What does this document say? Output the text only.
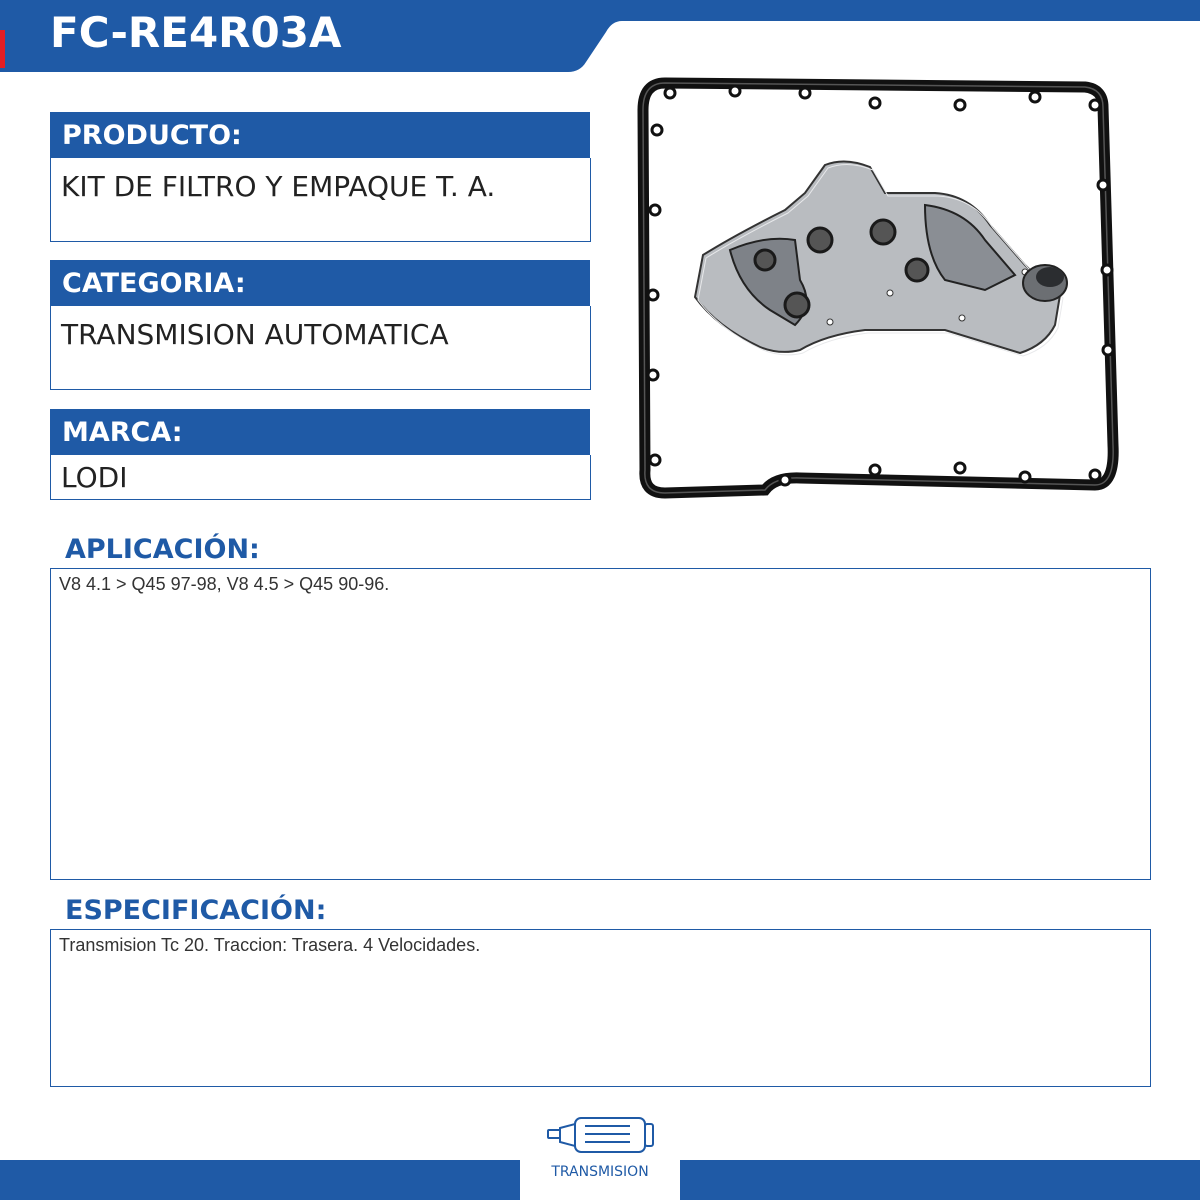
FC-RE4R03A
PRODUCTO:
KIT DE FILTRO Y EMPAQUE T. A.
CATEGORIA:
TRANSMISION AUTOMATICA
MARCA:
LODI
APLICACIÓN:
V8 4.1 > Q45 97-98, V8 4.5 > Q45 90-96.
ESPECIFICACIÓN:
Transmision Tc 20. Traccion: Trasera. 4 Velocidades.
TRANSMISION
